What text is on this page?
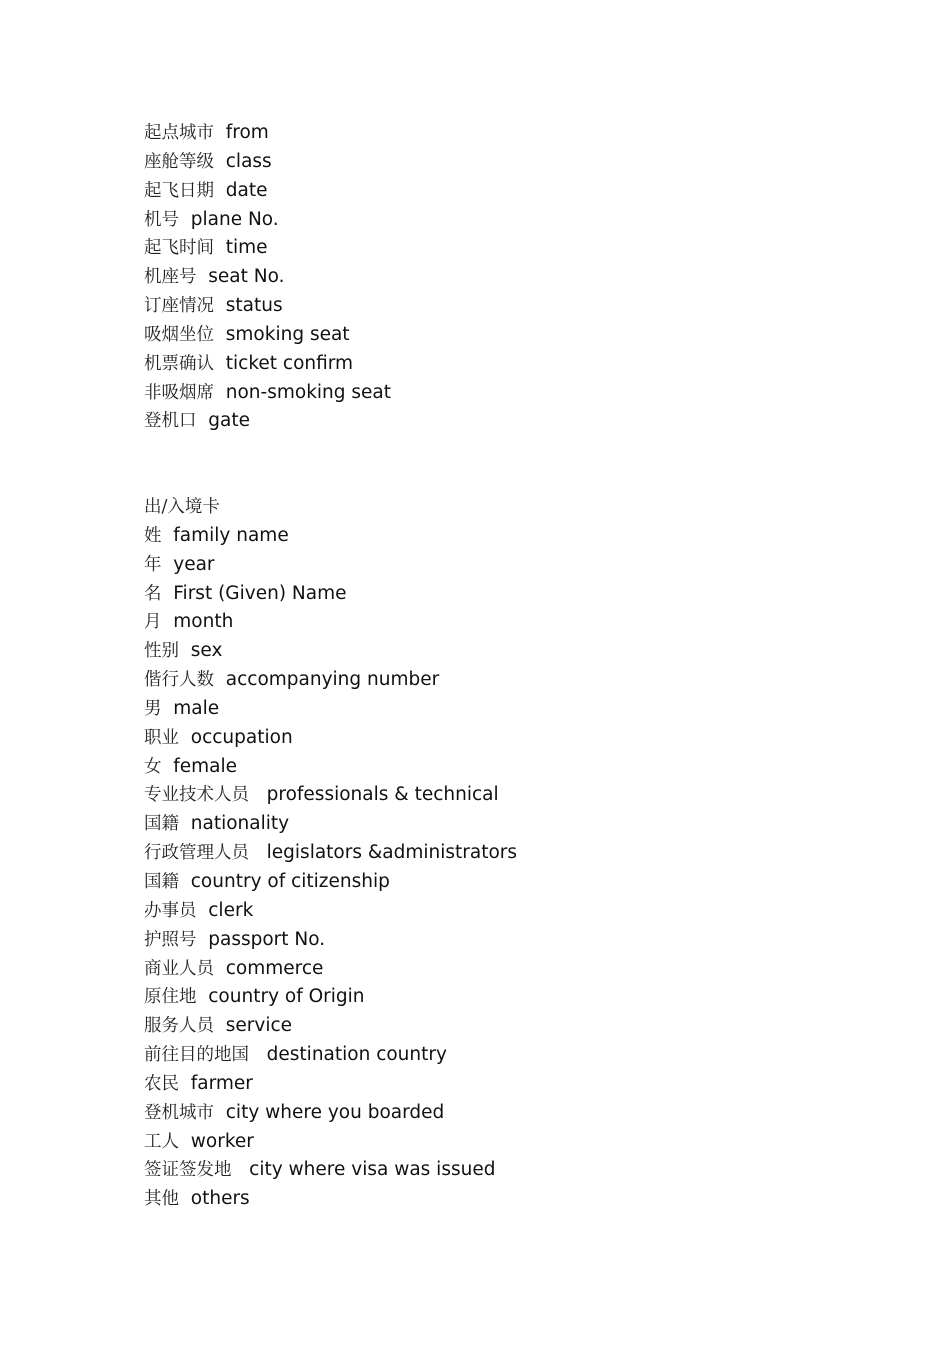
起点城市 from
座舱等级 class
起飞日期 date
机号 plane No.
起飞时间 time
机座号 seat No.
订座情况 status
吸烟坐位 smoking seat
机票确认 ticket confirm
非吸烟席 non-smoking seat
登机口 gate
出/入境卡
姓 family name
年 year
名 First (Given) Name
月 month
性别 sex
偕行人数 accompanying number
男 male
职业 occupation
女 female
专业技术人员 professionals & technical
国籍 nationality
行政管理人员 legislators &administrators
国籍 country of citizenship
办事员 clerk
护照号 passport No.
商业人员 commerce
原住地 country of Origin
服务人员 service
前往目的地国 destination country
农民 farmer
登机城市 city where you boarded
工人 worker
签证签发地 city where visa was issued
其他 others
